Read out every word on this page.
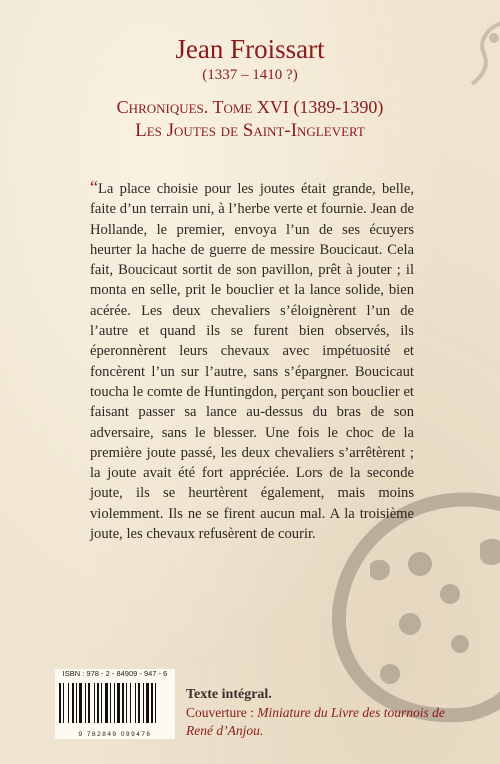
Jean Froissart
(1337 – 1410 ?)
Chroniques. Tome XVI (1389-1390)
Les Joutes de Saint-Inglevert
“La place choisie pour les joutes était grande, belle, faite d’un terrain uni, à l’herbe verte et fournie. Jean de Hollande, le premier, envoya l’un de ses écuyers heurter la hache de guerre de messire Boucicaut. Cela fait, Boucicaut sortit de son pavillon, prêt à jouter ; il monta en selle, prit le bouclier et la lance solide, bien acérée. Les deux chevaliers s’éloignèrent l’un de l’autre et quand ils se furent bien observés, ils éperonnèrent leurs chevaux avec impétuosité et foncèrent l’un sur l’autre, sans s’épargner. Boucicaut toucha le comte de Huntingdon, perçant son bouclier et faisant passer sa lance au-dessus du bras de son adversaire, sans le blesser. Une fois le choc de la première joute passé, les deux chevaliers s’arrêtèrent ; la joute avait été fort appréciée. Lors de la seconde joute, ils se heurtèrent également, mais moins violemment. Ils ne se firent aucun mal. A la troisième joute, les chevaux refusèrent de courir.
ISBN : 978 - 2 - 84909 - 947 - 6
9 782849 099476
Texte intégral.
Couverture : Miniature du Livre des tournois de
René d’Anjou.
